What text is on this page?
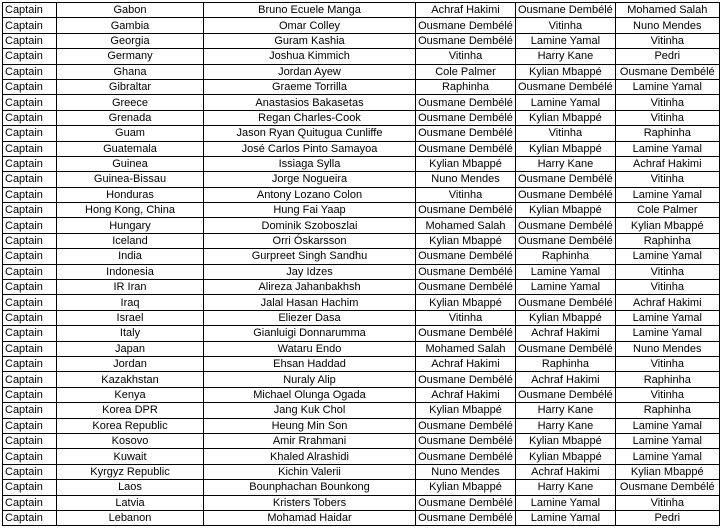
Captain	Gabon	Bruno Ecuele Manga	Achraf Hakimi	Ousmane Dembélé	Mohamed Salah
Captain	Gambia	Omar Colley	Ousmane Dembélé	Vitinha	Nuno Mendes
Captain	Georgia	Guram Kashia	Ousmane Dembélé	Lamine Yamal	Vitinha
Captain	Germany	Joshua Kimmich	Vitinha	Harry Kane	Pedri
Captain	Ghana	Jordan Ayew	Cole Palmer	Kylian Mbappé	Ousmane Dembélé
Captain	Gibraltar	Graeme Torrilla	Raphinha	Ousmane Dembélé	Lamine Yamal
Captain	Greece	Anastasios Bakasetas	Ousmane Dembélé	Lamine Yamal	Vitinha
Captain	Grenada	Regan Charles-Cook	Ousmane Dembélé	Kylian Mbappé	Vitinha
Captain	Guam	Jason Ryan Quitugua Cunliffe	Ousmane Dembélé	Vitinha	Raphinha
Captain	Guatemala	José Carlos Pinto Samayoa	Ousmane Dembélé	Kylian Mbappé	Lamine Yamal
Captain	Guinea	Issiaga Sylla	Kylian Mbappé	Harry Kane	Achraf Hakimi
Captain	Guinea-Bissau	Jorge Nogueira	Nuno Mendes	Ousmane Dembélé	Vitinha
Captain	Honduras	Antony Lozano Colon	Vitinha	Ousmane Dembélé	Lamine Yamal
Captain	Hong Kong, China	Hung Fai Yaap	Ousmane Dembélé	Kylian Mbappé	Cole Palmer
Captain	Hungary	Dominik Szoboszlai	Mohamed Salah	Ousmane Dembélé	Kylian Mbappé
Captain	Iceland	Orri Óskarsson	Kylian Mbappé	Ousmane Dembélé	Raphinha
Captain	India	Gurpreet Singh Sandhu	Ousmane Dembélé	Raphinha	Lamine Yamal
Captain	Indonesia	Jay Idzes	Ousmane Dembélé	Lamine Yamal	Vitinha
Captain	IR Iran	Alireza Jahanbakhsh	Ousmane Dembélé	Lamine Yamal	Vitinha
Captain	Iraq	Jalal Hasan Hachim	Kylian Mbappé	Ousmane Dembélé	Achraf Hakimi
Captain	Israel	Eliezer Dasa	Vitinha	Kylian Mbappé	Lamine Yamal
Captain	Italy	Gianluigi Donnarumma	Ousmane Dembélé	Achraf Hakimi	Lamine Yamal
Captain	Japan	Wataru Endo	Mohamed Salah	Ousmane Dembélé	Nuno Mendes
Captain	Jordan	Ehsan Haddad	Achraf Hakimi	Raphinha	Vitinha
Captain	Kazakhstan	Nuraly Alip	Ousmane Dembélé	Achraf Hakimi	Raphinha
Captain	Kenya	Michael Olunga Ogada	Achraf Hakimi	Ousmane Dembélé	Vitinha
Captain	Korea DPR	Jang Kuk Chol	Kylian Mbappé	Harry Kane	Raphinha
Captain	Korea Republic	Heung Min Son	Ousmane Dembélé	Harry Kane	Lamine Yamal
Captain	Kosovo	Amir Rrahmani	Ousmane Dembélé	Kylian Mbappé	Lamine Yamal
Captain	Kuwait	Khaled Alrashidi	Ousmane Dembélé	Kylian Mbappé	Lamine Yamal
Captain	Kyrgyz Republic	Kichin Valerii	Nuno Mendes	Achraf Hakimi	Kylian Mbappé
Captain	Laos	Bounphachan Bounkong	Kylian Mbappé	Harry Kane	Ousmane Dembélé
Captain	Latvia	Kristers Tobers	Ousmane Dembélé	Lamine Yamal	Vitinha
Captain	Lebanon	Mohamad Haidar	Ousmane Dembélé	Lamine Yamal	Pedri
